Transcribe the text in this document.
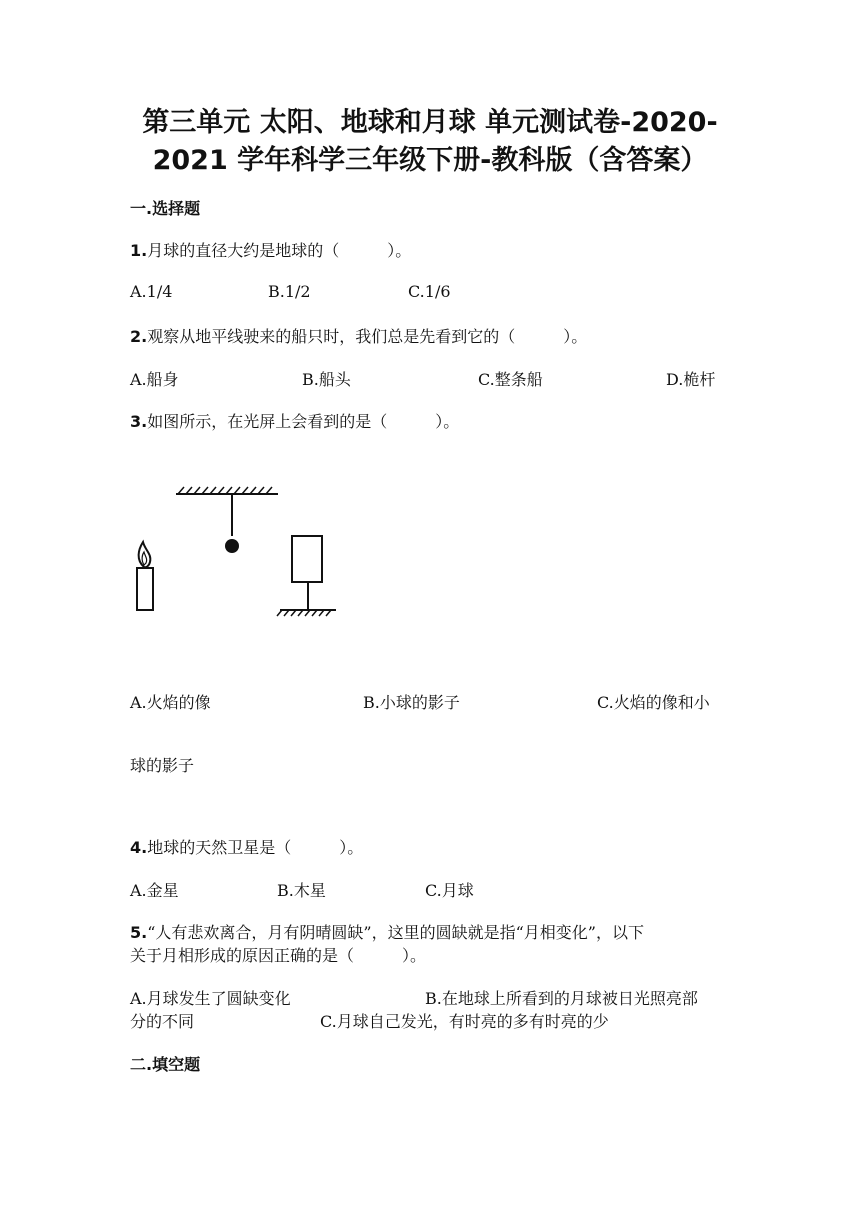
第三单元 太阳、地球和月球 单元测试卷-2020-
2021 学年科学三年级下册-教科版（含答案）
一.选择题
1.月球的直径大约是地球的（　　　）。
A.1/4	B.1/2	C.1/6
2.观察从地平线驶来的船只时，我们总是先看到它的（　　　）。
A.船身	B.船头	C.整条船	D.桅杆
3.如图所示，在光屏上会看到的是（　　　）。
A.火焰的像	B.小球的影子	C.火焰的像和小
球的影子
4.地球的天然卫星是（　　　）。
A.金星	B.木星	C.月球
5.“人有悲欢离合，月有阴晴圆缺”，这里的圆缺就是指“月相变化”，以下
关于月相形成的原因正确的是（　　　）。
A.月球发生了圆缺变化	B.在地球上所看到的月球被日光照亮部
分的不同	C.月球自己发光，有时亮的多有时亮的少
二.填空题
